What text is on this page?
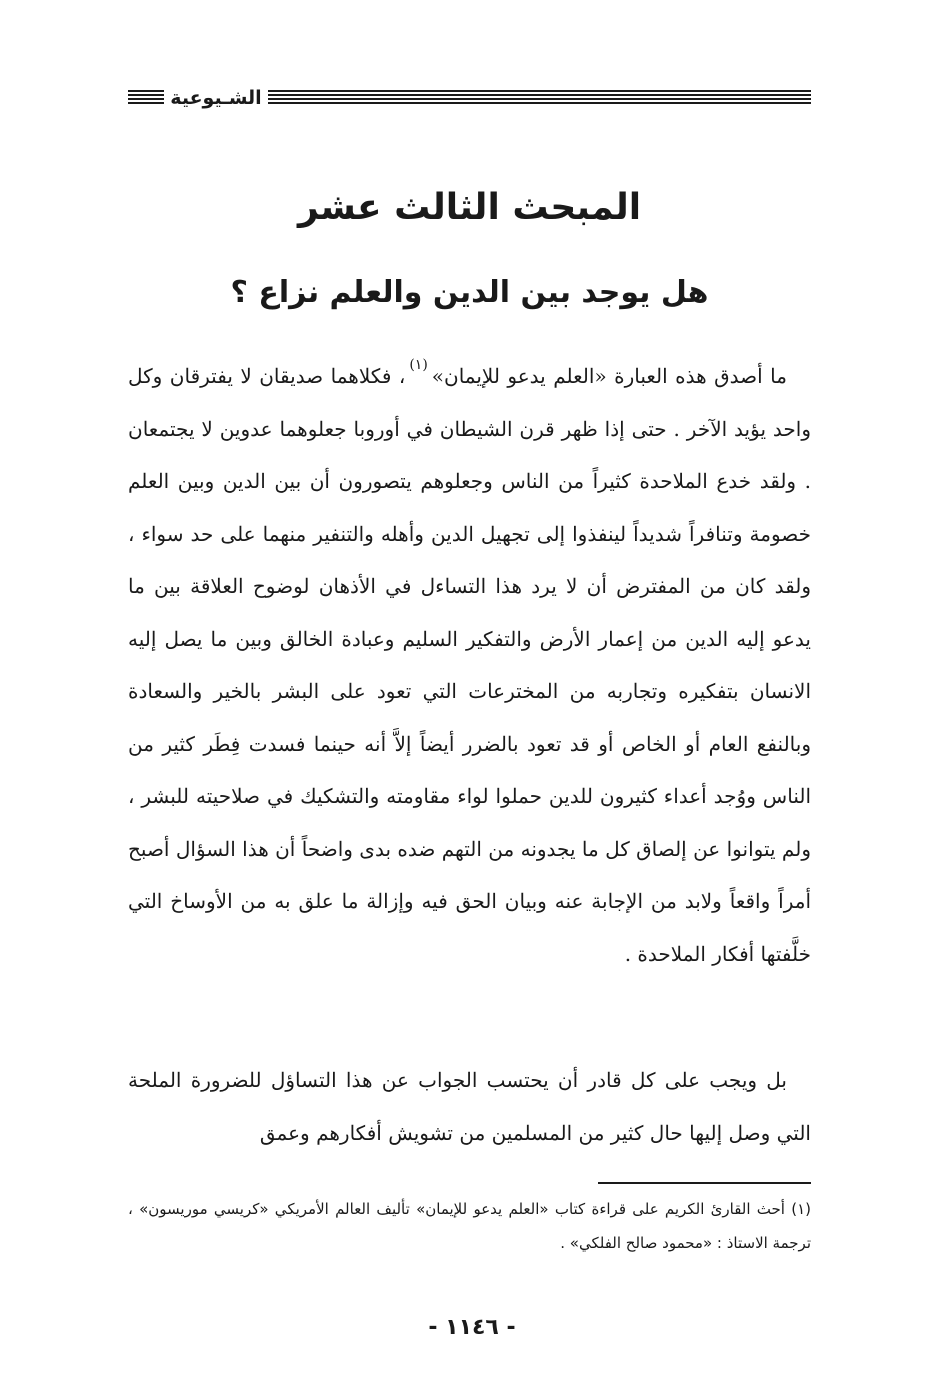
الشـيوعية
المبحث الثالث عشر
هل يوجد بين الدين والعلم نزاع ؟

ما أصدق هذه العبارة «العلم يدعو للإيمان»$^{(١)}$، فكلاهما صديقان لا يفترقان وكل واحد يؤيد الآخر . حتى إذا ظهر قرن الشيطان في أوروبا جعلوهما عدوين لا يجتمعان . ولقد خدع الملاحدة كثيراً من الناس وجعلوهم يتصورون أن بين الدين وبين العلم خصومة وتنافراً شديداً لينفذوا إلى تجهيل الدين وأهله والتنفير منهما على حد سواء ، ولقد كان من المفترض أن لا يرد هذا التساءل في الأذهان لوضوح العلاقة بين ما يدعو إليه الدين من إعمار الأرض والتفكير السليم وعبادة الخالق وبين ما يصل إليه الانسان بتفكيره وتجاربه من المخترعات التي تعود على البشر بالخير والسعادة وبالنفع العام أو الخاص أو قد تعود بالضرر أيضاً إلاَّ أنه حينما فسدت فِطَر كثير من الناس ووُجد أعداء كثيرون للدين حملوا لواء مقاومته والتشكيك في صلاحيته للبشر ، ولم يتوانوا عن إلصاق كل ما يجدونه من التهم ضده بدى واضحاً أن هذا السؤال أصبح أمراً واقعاً ولابد من الإجابة عنه وبيان الحق فيه وإزالة ما علق به من الأوساخ التي خلَّفتها أفكار الملاحدة .

بل ويجب على كل قادر أن يحتسب الجواب عن هذا التساؤل للضرورة الملحة التي وصل إليها حال كثير من المسلمين من تشويش أفكارهم وعمق

(١) أحث القارئ الكريم على قراءة كتاب «العلم يدعو للإيمان» تأليف العالم الأمريكي «كريسي موريسون» ، ترجمة الاستاذ : «محمود صالح الفلكي» .

- ١١٤٦ -
